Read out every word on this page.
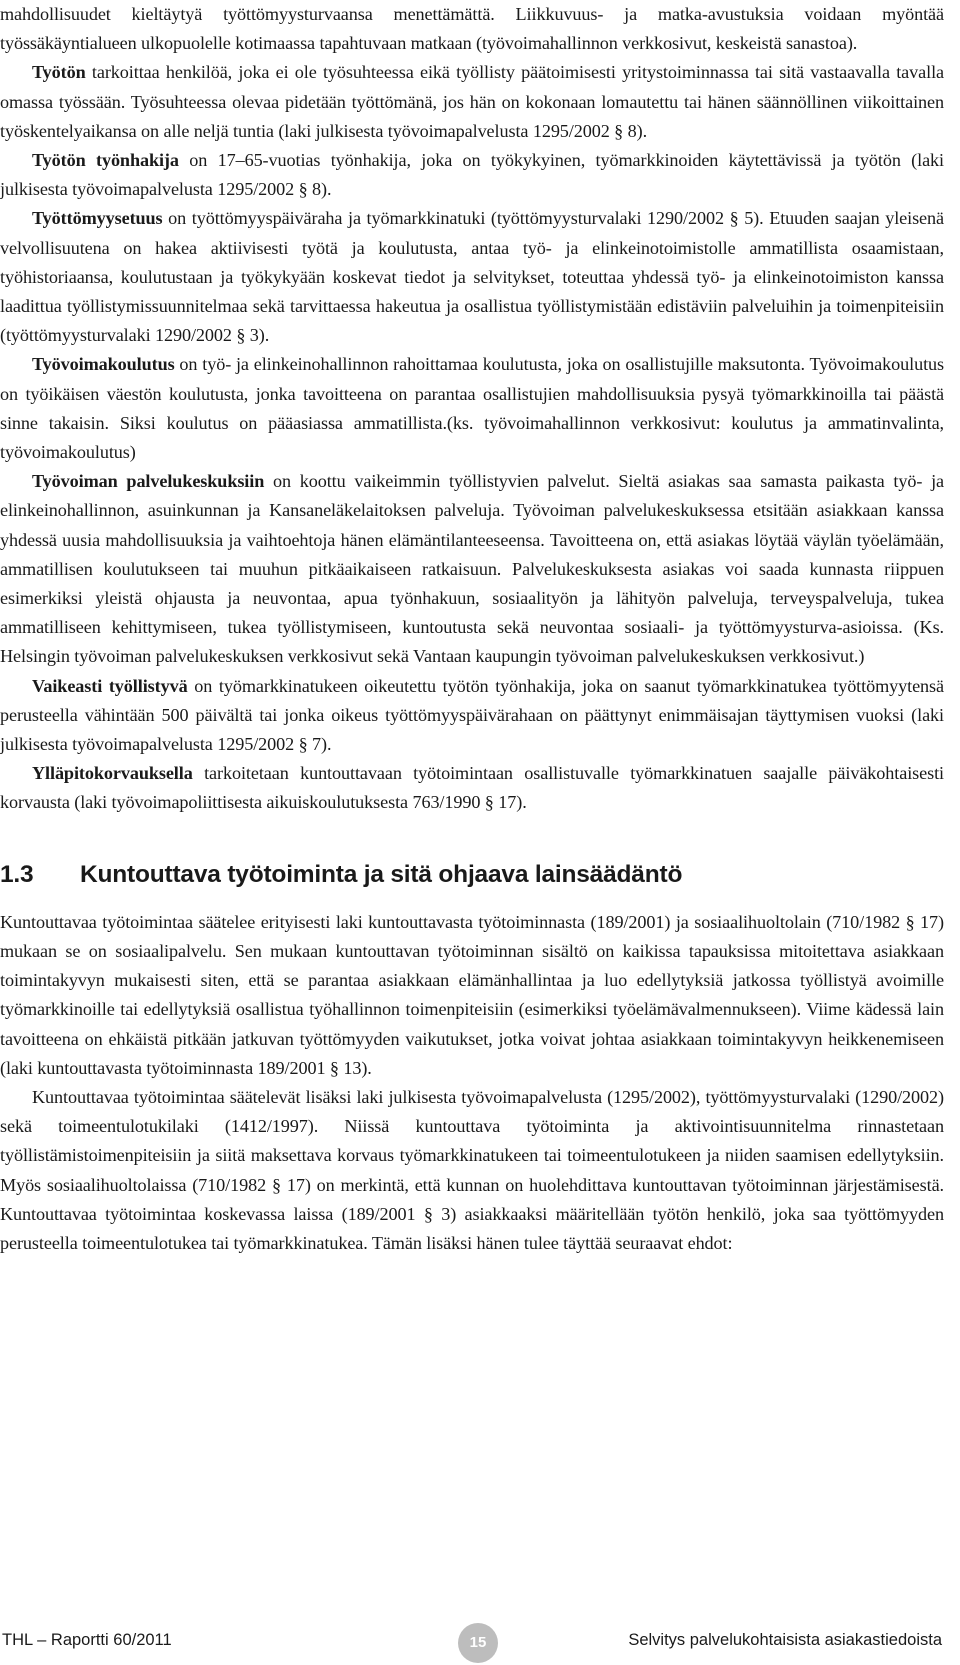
mahdollisuudet kieltäytyä työttömyysturvaansa menettämättä. Liikkuvuus- ja matka-avustuksia voidaan myöntää työssäkäyntialueen ulkopuolelle kotimaassa tapahtuvaan matkaan (työvoimahallinnon verkkosivut, keskeistä sanastoa).

Työtön tarkoittaa henkilöä, joka ei ole työsuhteessa eikä työllisty päätoimisesti yritystoiminnassa tai sitä vastaavalla tavalla omassa työssään. Työsuhteessa olevaa pidetään työttömänä, jos hän on kokonaan lomautettu tai hänen säännöllinen viikoittainen työskentelyaikansa on alle neljä tuntia (laki julkisesta työvoimapalvelusta 1295/2002 § 8).

Työtön työnhakija on 17–65-vuotias työnhakija, joka on työkykyinen, työmarkkinoiden käytettävissä ja työtön (laki julkisesta työvoimapalvelusta 1295/2002 § 8).

Työttömyysetuus on työttömyyspäiväraha ja työmarkkinatuki (työttömyysturvalaki 1290/2002 § 5). Etuuden saajan yleisenä velvollisuutena on hakea aktiivisesti työtä ja koulutusta, antaa työ- ja elinkeinotoimistolle ammatillista osaamistaan, työhistoriaansa, koulutustaan ja työkykyään koskevat tiedot ja selvitykset, toteuttaa yhdessä työ- ja elinkeinotoimiston kanssa laadittua työllistymissuunnitelmaa sekä tarvittaessa hakeutua ja osallistua työllistymistään edistäviin palveluihin ja toimenpiteisiin (työttömyysturvalaki 1290/2002 § 3).

Työvoimakoulutus on työ- ja elinkeinohallinnon rahoittamaa koulutusta, joka on osallistujille maksutonta. Työvoimakoulutus on työikäisen väestön koulutusta, jonka tavoitteena on parantaa osallistujien mahdollisuuksia pysyä työmarkkinoilla tai päästä sinne takaisin. Siksi koulutus on pääasiassa ammatillista.(ks. työvoimahallinnon verkkosivut: koulutus ja ammatinvalinta, työvoimakoulutus)

Työvoiman palvelukeskuksiin on koottu vaikeimmin työllistyvien palvelut. Sieltä asiakas saa samasta paikasta työ- ja elinkeinohallinnon, asuinkunnan ja Kansaneläkelaitoksen palveluja. Työvoiman palvelukeskuksessa etsitään asiakkaan kanssa yhdessä uusia mahdollisuuksia ja vaihtoehtoja hänen elämäntilanteeseensa. Tavoitteena on, että asiakas löytää väylän työelämään, ammatillisen koulutukseen tai muuhun pitkäaikaiseen ratkaisuun. Palvelukeskuksesta asiakas voi saada kunnasta riippuen esimerkiksi yleistä ohjausta ja neuvontaa, apua työnhakuun, sosiaalityön ja lähityön palveluja, terveyspalveluja, tukea ammatilliseen kehittymiseen, tukea työllistymiseen, kuntoutusta sekä neuvontaa sosiaali- ja työttömyysturva-asioissa. (Ks. Helsingin työvoiman palvelukeskuksen verkkosivut sekä Vantaan kaupungin työvoiman palvelukeskuksen verkkosivut.)

Vaikeasti työllistyvä on työmarkkinatukeen oikeutettu työtön työnhakija, joka on saanut työmarkkinatukea työttömyytensä perusteella vähintään 500 päivältä tai jonka oikeus työttömyyspäivärahaan on päättynyt enimmäisajan täyttymisen vuoksi (laki julkisesta työvoimapalvelusta 1295/2002 § 7).

Ylläpitokorvauksella tarkoitetaan kuntouttavaan työtoimintaan osallistuvalle työmarkkinatuen saajalle päiväkohtaisesti korvausta (laki työvoimapoliittisesta aikuiskoulutuksesta 763/1990 § 17).

1.3 Kuntouttava työtoiminta ja sitä ohjaava lainsäädäntö

Kuntouttavaa työtoimintaa säätelee erityisesti laki kuntouttavasta työtoiminnasta (189/2001) ja sosiaalihuoltolain (710/1982 § 17) mukaan se on sosiaalipalvelu. Sen mukaan kuntouttavan työtoiminnan sisältö on kaikissa tapauksissa mitoitettava asiakkaan toimintakyvyn mukaisesti siten, että se parantaa asiakkaan elämänhallintaa ja luo edellytyksiä jatkossa työllistyä avoimille työmarkkinoille tai edellytyksiä osallistua työhallinnon toimenpiteisiin (esimerkiksi työelämävalmennukseen). Viime kädessä lain tavoitteena on ehkäistä pitkään jatkuvan työttömyyden vaikutukset, jotka voivat johtaa asiakkaan toimintakyvyn heikkenemiseen (laki kuntouttavasta työtoiminnasta 189/2001 § 13).

Kuntouttavaa työtoimintaa säätelevät lisäksi laki julkisesta työvoimapalvelusta (1295/2002), työttömyysturvalaki (1290/2002) sekä toimeentulotukilaki (1412/1997). Niissä kuntouttava työtoiminta ja aktivointisuunnitelma rinnastetaan työllistämistoimenpiteisiin ja siitä maksettava korvaus työmarkkinatukeen tai toimeentulotukeen ja niiden saamisen edellytyksiin. Myös sosiaalihuoltolaissa (710/1982 § 17) on merkintä, että kunnan on huolehdittava kuntouttavan työtoiminnan järjestämisestä. Kuntouttavaa työtoimintaa koskevassa laissa (189/2001 § 3) asiakkaaksi määritellään työtön henkilö, joka saa työttömyyden perusteella toimeentulotukea tai työmarkkinatukea. Tämän lisäksi hänen tulee täyttää seuraavat ehdot:

THL – Raportti 60/2011	15	Selvitys palvelukohtaisista asiakastiedoista
